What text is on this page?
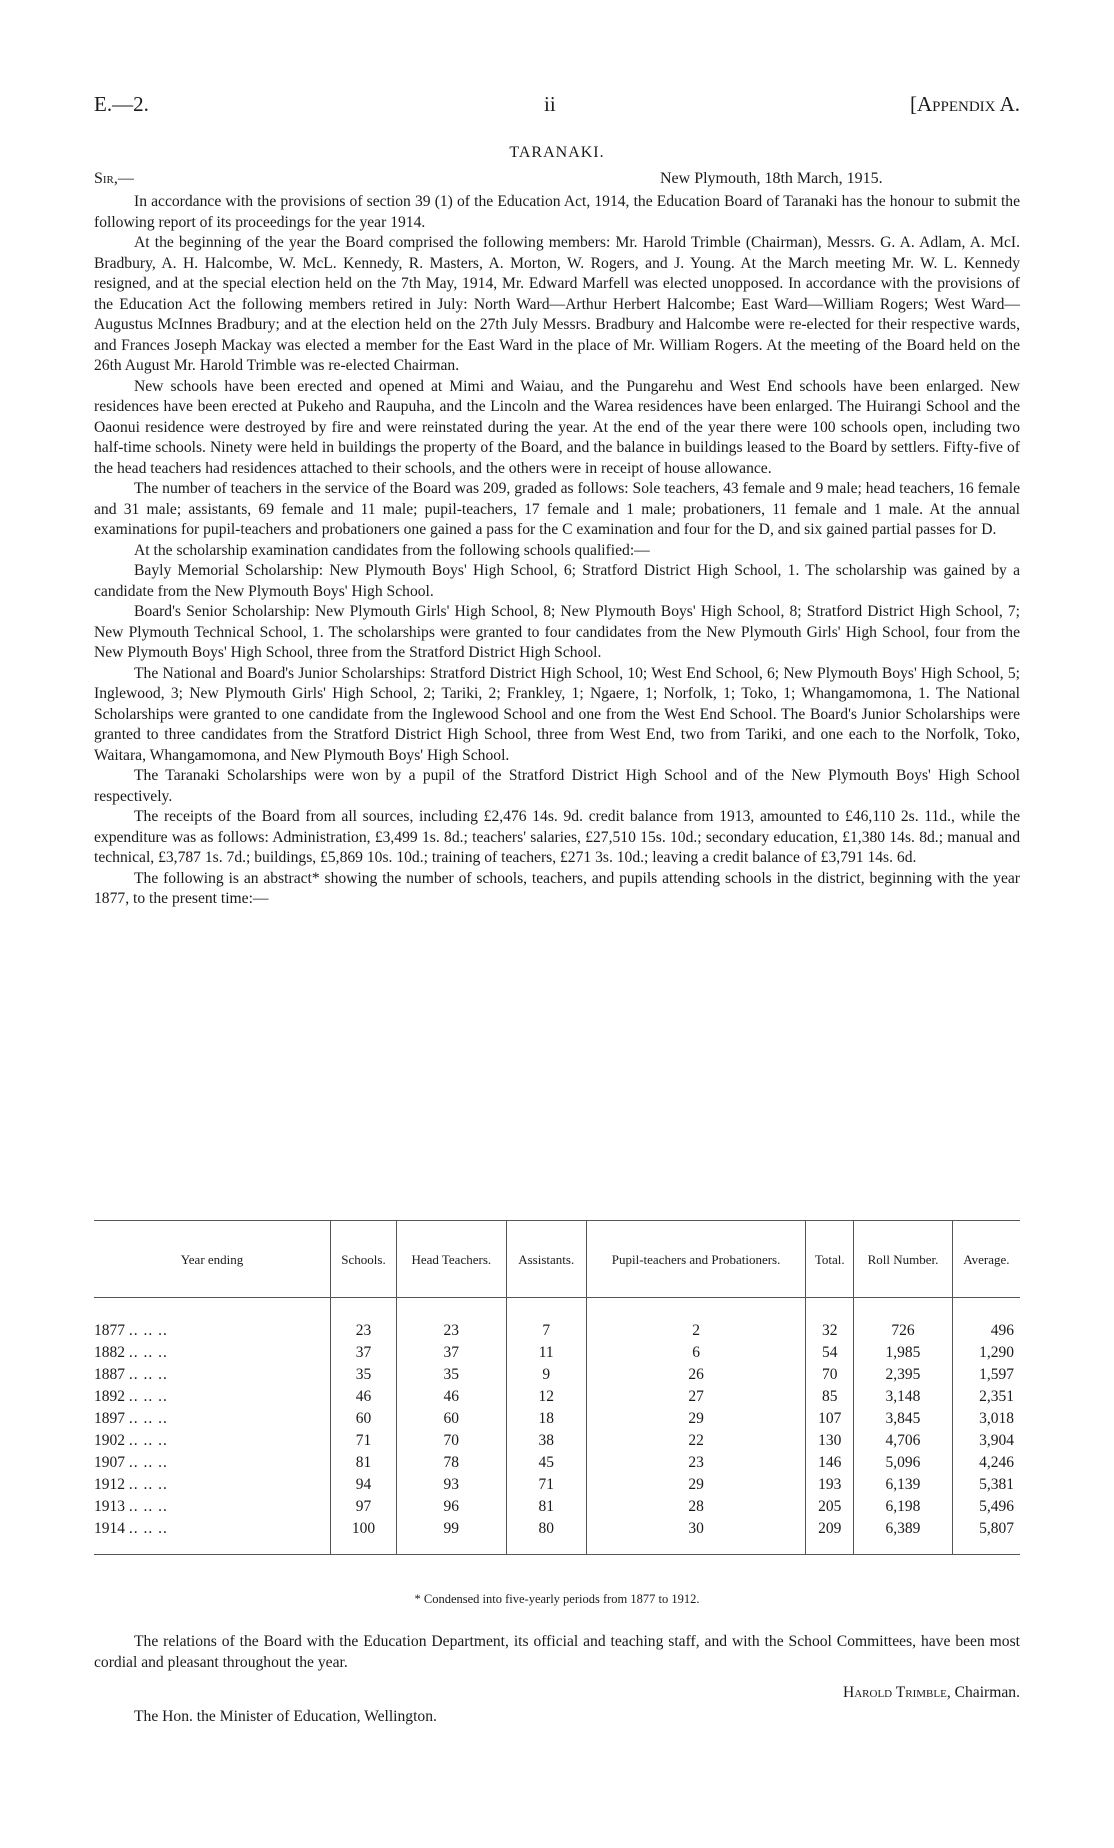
E.—2.	ii	[Appendix A.
TARANAKI.
Sir,—	New Plymouth, 18th March, 1915.

In accordance with the provisions of section 39 (1) of the Education Act, 1914, the Education Board of Taranaki has the honour to submit the following report of its proceedings for the year 1914.

At the beginning of the year the Board comprised the following members: Mr. Harold Trimble (Chairman), Messrs. G. A. Adlam, A. McI. Bradbury, A. H. Halcombe, W. McL. Kennedy, R. Masters, A. Morton, W. Rogers, and J. Young. At the March meeting Mr. W. L. Kennedy resigned, and at the special election held on the 7th May, 1914, Mr. Edward Marfell was elected unopposed. In accordance with the provisions of the Education Act the following members retired in July: North Ward—Arthur Herbert Halcombe; East Ward—William Rogers; West Ward—Augustus McInnes Bradbury; and at the election held on the 27th July Messrs. Bradbury and Halcombe were re-elected for their respective wards, and Frances Joseph Mackay was elected a member for the East Ward in the place of Mr. William Rogers. At the meeting of the Board held on the 26th August Mr. Harold Trimble was re-elected Chairman.

New schools have been erected and opened at Mimi and Waiau, and the Pungarehu and West End schools have been enlarged. New residences have been erected at Pukeho and Raupuha, and the Lincoln and the Warea residences have been enlarged. The Huirangi School and the Oaonui residence were destroyed by fire and were reinstated during the year. At the end of the year there were 100 schools open, including two half-time schools. Ninety were held in buildings the property of the Board, and the balance in buildings leased to the Board by settlers. Fifty-five of the head teachers had residences attached to their schools, and the others were in receipt of house allowance.

The number of teachers in the service of the Board was 209, graded as follows: Sole teachers, 43 female and 9 male; head teachers, 16 female and 31 male; assistants, 69 female and 11 male; pupil-teachers, 17 female and 1 male; probationers, 11 female and 1 male. At the annual examinations for pupil-teachers and probationers one gained a pass for the C examination and four for the D, and six gained partial passes for D.

At the scholarship examination candidates from the following schools qualified:—

Bayly Memorial Scholarship: New Plymouth Boys' High School, 6; Stratford District High School, 1. The scholarship was gained by a candidate from the New Plymouth Boys' High School.

Board's Senior Scholarship: New Plymouth Girls' High School, 8; New Plymouth Boys' High School, 8; Stratford District High School, 7; New Plymouth Technical School, 1. The scholarships were granted to four candidates from the New Plymouth Girls' High School, four from the New Plymouth Boys' High School, three from the Stratford District High School.

The National and Board's Junior Scholarships: Stratford District High School, 10; West End School, 6; New Plymouth Boys' High School, 5; Inglewood, 3; New Plymouth Girls' High School, 2; Tariki, 2; Frankley, 1; Ngaere, 1; Norfolk, 1; Toko, 1; Whangamomona, 1. The National Scholarships were granted to one candidate from the Inglewood School and one from the West End School. The Board's Junior Scholarships were granted to three candidates from the Stratford District High School, three from West End, two from Tariki, and one each to the Norfolk, Toko, Waitara, Whangamomona, and New Plymouth Boys' High School.

The Taranaki Scholarships were won by a pupil of the Stratford District High School and of the New Plymouth Boys' High School respectively.

The receipts of the Board from all sources, including £2,476 14s. 9d. credit balance from 1913, amounted to £46,110 2s. 11d., while the expenditure was as follows: Administration, £3,499 1s. 8d.; teachers' salaries, £27,510 15s. 10d.; secondary education, £1,380 14s. 8d.; manual and technical, £3,787 1s. 7d.; buildings, £5,869 10s. 10d.; training of teachers, £271 3s. 10d.; leaving a credit balance of £3,791 14s. 6d.

The following is an abstract* showing the number of schools, teachers, and pupils attending schools in the district, beginning with the year 1877, to the present time:—

Year ending	Schools.	Head Teachers.	Assistants.	Pupil-teachers and Probationers.	Total.	Roll Number.	Average.
1877 .. .. ..	23	23	7	2	32	726	496
1882 .. .. ..	37	37	11	6	54	1,985	1,290
1887 .. .. ..	35	35	9	26	70	2,395	1,597
1892 .. .. ..	46	46	12	27	85	3,148	2,351
1897 .. .. ..	60	60	18	29	107	3,845	3,018
1902 .. .. ..	71	70	38	22	130	4,706	3,904
1907 .. .. ..	81	78	45	23	146	5,096	4,246
1912 .. .. ..	94	93	71	29	193	6,139	5,381
1913 .. .. ..	97	96	81	28	205	6,198	5,496
1914 .. .. ..	100	99	80	30	209	6,389	5,807
* Condensed into five-yearly periods from 1877 to 1912.

The relations of the Board with the Education Department, its official and teaching staff, and with the School Committees, have been most cordial and pleasant throughout the year.

Harold Trimble, Chairman.
The Hon. the Minister of Education, Wellington.
